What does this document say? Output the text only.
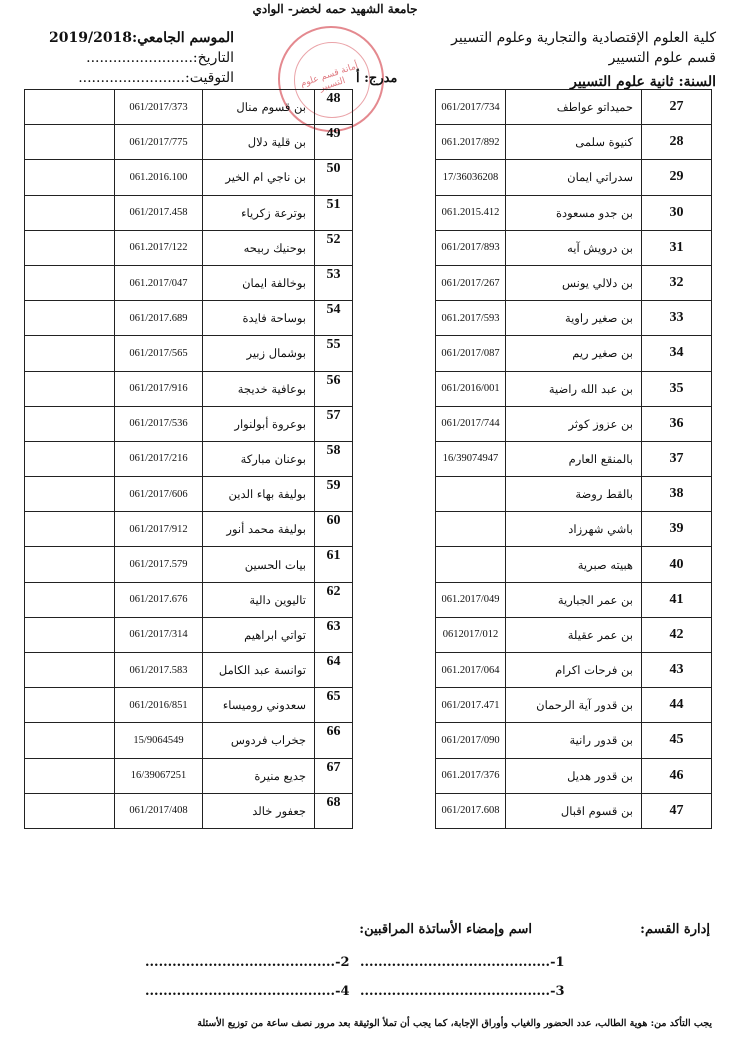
جامعة الشهيد حمه لخضر- الوادي
كلية العلوم الإقتصادية والتجارية وعلوم التسيير
قسم علوم التسيير
السنة: ثانية علوم التسيير
الموسم الجامعي:2019/2018
التاريخ:........................
التوقيت:........................	أمانة قسم علوم التسيير مدرج: أ
061/2017/734	حميداتو عواطف	27
061.2017/892	كنيوة سلمى	28
17/36036208	سدراتي ايمان	29
061.2015.412	بن جدو مسعودة	30
061/2017/893	بن درويش آيه	31
061/2017/267	بن دلالي يونس	32
061.2017/593	بن صغير راوية	33
061/2017/087	بن صغير ريم	34
061/2016/001	بن عبد الله راضية	35
061/2017/744	بن عزوز كوثر	36
16/39074947	بالمنقع العارم	37
	بالقط روضة	38
	باشي شهرزاد	39
	هبيته صبرية	40
061.2017/049	بن عمر الجبارية	41
0612017/012	بن عمر عقيلة	42
061.2017/064	بن فرحات اكرام	43
061/2017.471	بن قدور آية الرحمان	44
061/2017/090	بن قدور رانية	45
061.2017/376	بن قدور هديل	46
061/2017.608	بن قسوم اقبال	47
	061/2017/373	بن قسوم منال	48
	061/2017/775	بن قلية دلال	49
	061.2016.100	بن ناجي ام الخير	50
	061/2017.458	بوترعة زكرياء	51
	061.2017/122	بوحنيك ربيحه	52
	061.2017/047	بوخالفة ايمان	53
	061/2017.689	بوساحة فايدة	54
	061/2017/565	بوشمال زبير	55
	061/2017/916	بوعافية خديجة	56
	061/2017/536	بوعروة أبولنوار	57
	061/2017/216	بوعنان مباركة	58
	061/2017/606	بوليفة بهاء الدين	59
	061/2017/912	بوليفة محمد أنور	60
	061/2017.579	بيات الحسين	61
	061/2017.676	تاليوين دالية	62
	061/2017/314	تواتي ابراهيم	63
	061/2017.583	توانسة عبد الكامل	64
	061/2016/851	سعدوني روميساء	65
	15/9064549	جخراب فردوس	66
	16/39067251	جديع منيرة	67
	061/2017/408	جعفور خالد	68
إدارة القسم:
اسم وإمضاء الأساتذة المراقبين:
1-..........................................
2-..........................................
3-..........................................
4-..........................................
يجب التأكد من: هوية الطالب، عدد الحضور والغياب وأوراق الإجابة، كما يجب أن تملأ الوثيقة بعد مرور نصف ساعة من توزيع الأسئلة
